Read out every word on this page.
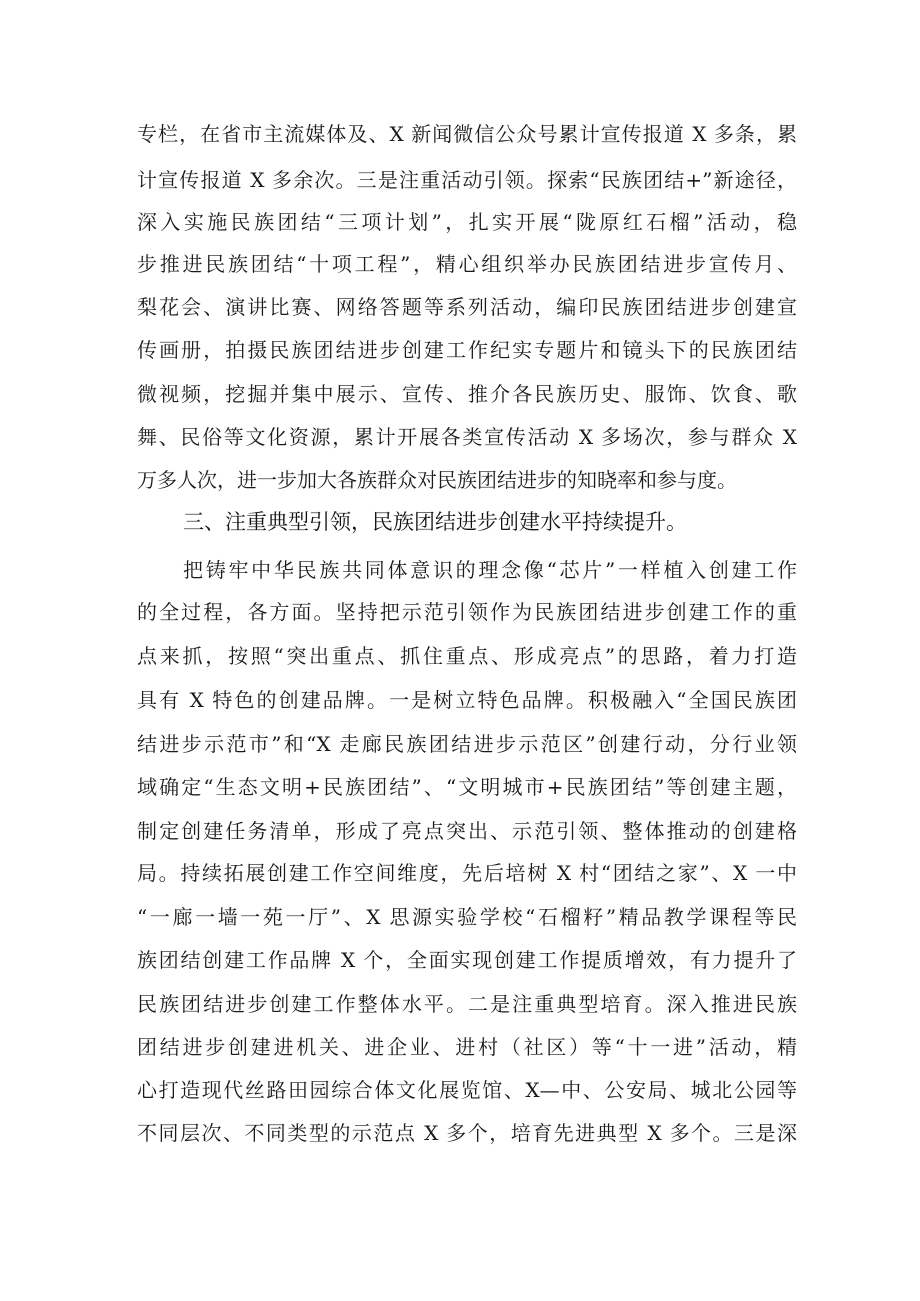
专栏，在省市主流媒体及、X 新闻微信公众号累计宣传报道 X 多条，累
计宣传报道 X 多余次。三是注重活动引领。探索“民族团结+”新途径，
深入实施民族团结“三项计划”，扎实开展“陇原红石榴”活动，稳
步推进民族团结“十项工程”，精心组织举办民族团结进步宣传月、
梨花会、演讲比赛、网络答题等系列活动，编印民族团结进步创建宣
传画册，拍摄民族团结进步创建工作纪实专题片和镜头下的民族团结
微视频，挖掘并集中展示、宣传、推介各民族历史、服饰、饮食、歌
舞、民俗等文化资源，累计开展各类宣传活动 X 多场次，参与群众 X
万多人次，进一步加大各族群众对民族团结进步的知晓率和参与度。
三、注重典型引领，民族团结进步创建水平持续提升。
把铸牢中华民族共同体意识的理念像“芯片”一样植入创建工作
的全过程，各方面。坚持把示范引领作为民族团结进步创建工作的重
点来抓，按照“突出重点、抓住重点、形成亮点”的思路，着力打造
具有 X 特色的创建品牌。一是树立特色品牌。积极融入“全国民族团
结进步示范市”和“X 走廊民族团结进步示范区”创建行动，分行业领
域确定“生态文明+民族团结”、“文明城市+民族团结”等创建主题，
制定创建任务清单，形成了亮点突出、示范引领、整体推动的创建格
局。持续拓展创建工作空间维度，先后培树 X 村“团结之家”、X 一中
“一廊一墙一苑一厅”、X 思源实验学校“石榴籽”精品教学课程等民
族团结创建工作品牌 X 个，全面实现创建工作提质增效，有力提升了
民族团结进步创建工作整体水平。二是注重典型培育。深入推进民族
团结进步创建进机关、进企业、进村（社区）等“十一进”活动，精
心打造现代丝路田园综合体文化展览馆、X—中、公安局、城北公园等
不同层次、不同类型的示范点 X 多个，培育先进典型 X 多个。三是深
